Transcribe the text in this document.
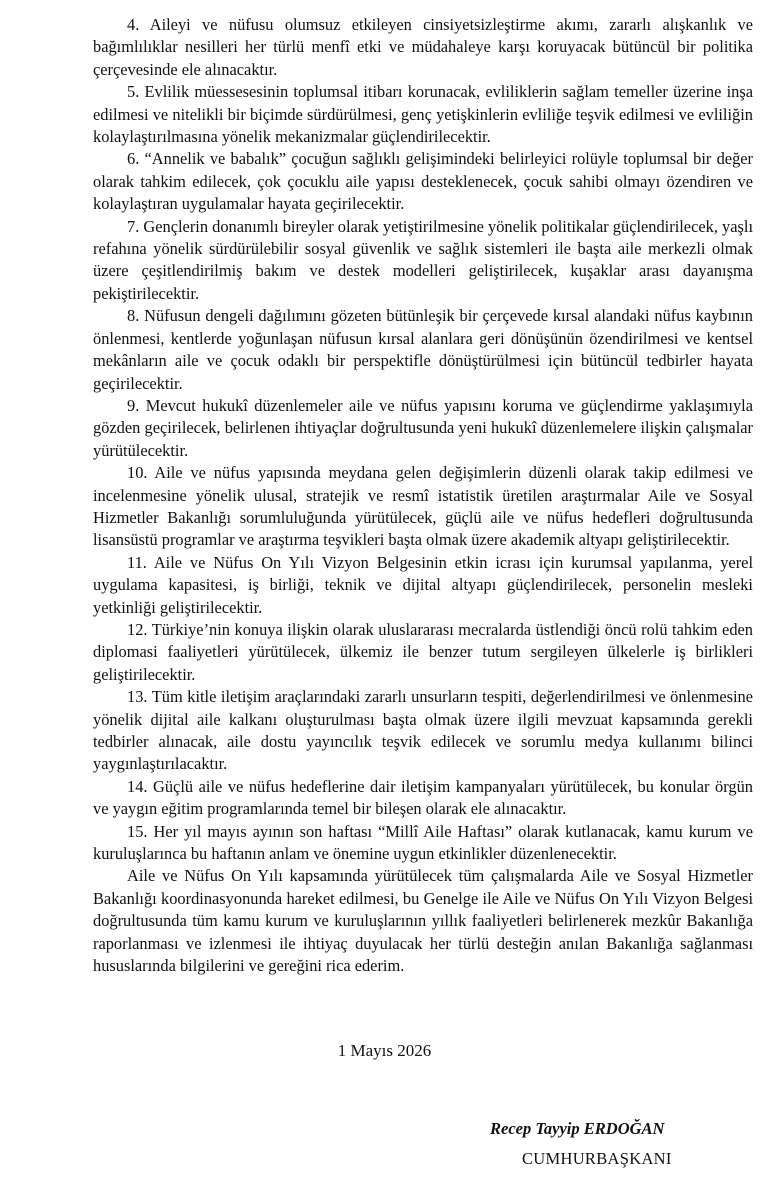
4. Aileyi ve nüfusu olumsuz etkileyen cinsiyetsizleştirme akımı, zararlı alışkanlık ve bağımlılıklar nesilleri her türlü menfî etki ve müdahaleye karşı koruyacak bütüncül bir politika çerçevesinde ele alınacaktır.

5. Evlilik müessesesinin toplumsal itibarı korunacak, evliliklerin sağlam temeller üzerine inşa edilmesi ve nitelikli bir biçimde sürdürülmesi, genç yetişkinlerin evliliğe teşvik edilmesi ve evliliğin kolaylaştırılmasına yönelik mekanizmalar güçlendirilecektir.

6. “Annelik ve babalık” çocuğun sağlıklı gelişimindeki belirleyici rolüyle toplumsal bir değer olarak tahkim edilecek, çok çocuklu aile yapısı desteklenecek, çocuk sahibi olmayı özendiren ve kolaylaştıran uygulamalar hayata geçirilecektir.

7. Gençlerin donanımlı bireyler olarak yetiştirilmesine yönelik politikalar güçlendirilecek, yaşlı refahına yönelik sürdürülebilir sosyal güvenlik ve sağlık sistemleri ile başta aile merkezli olmak üzere çeşitlendirilmiş bakım ve destek modelleri geliştirilecek, kuşaklar arası dayanışma pekiştirilecektir.

8. Nüfusun dengeli dağılımını gözeten bütünleşik bir çerçevede kırsal alandaki nüfus kaybının önlenmesi, kentlerde yoğunlaşan nüfusun kırsal alanlara geri dönüşünün özendirilmesi ve kentsel mekânların aile ve çocuk odaklı bir perspektifle dönüştürülmesi için bütüncül tedbirler hayata geçirilecektir.

9. Mevcut hukukî düzenlemeler aile ve nüfus yapısını koruma ve güçlendirme yaklaşımıyla gözden geçirilecek, belirlenen ihtiyaçlar doğrultusunda yeni hukukî düzenlemelere ilişkin çalışmalar yürütülecektir.

10. Aile ve nüfus yapısında meydana gelen değişimlerin düzenli olarak takip edilmesi ve incelenmesine yönelik ulusal, stratejik ve resmî istatistik üretilen araştırmalar Aile ve Sosyal Hizmetler Bakanlığı sorumluluğunda yürütülecek, güçlü aile ve nüfus hedefleri doğrultusunda lisansüstü programlar ve araştırma teşvikleri başta olmak üzere akademik altyapı geliştirilecektir.

11. Aile ve Nüfus On Yılı Vizyon Belgesinin etkin icrası için kurumsal yapılanma, yerel uygulama kapasitesi, iş birliği, teknik ve dijital altyapı güçlendirilecek, personelin mesleki yetkinliği geliştirilecektir.

12. Türkiye’nin konuya ilişkin olarak uluslararası mecralarda üstlendiği öncü rolü tahkim eden diplomasi faaliyetleri yürütülecek, ülkemiz ile benzer tutum sergileyen ülkelerle iş birlikleri geliştirilecektir.

13. Tüm kitle iletişim araçlarındaki zararlı unsurların tespiti, değerlendirilmesi ve önlenmesine yönelik dijital aile kalkanı oluşturulması başta olmak üzere ilgili mevzuat kapsamında gerekli tedbirler alınacak, aile dostu yayıncılık teşvik edilecek ve sorumlu medya kullanımı bilinci yaygınlaştırılacaktır.

14. Güçlü aile ve nüfus hedeflerine dair iletişim kampanyaları yürütülecek, bu konular örgün ve yaygın eğitim programlarında temel bir bileşen olarak ele alınacaktır.

15. Her yıl mayıs ayının son haftası “Millî Aile Haftası” olarak kutlanacak, kamu kurum ve kuruluşlarınca bu haftanın anlam ve önemine uygun etkinlikler düzenlenecektir.

Aile ve Nüfus On Yılı kapsamında yürütülecek tüm çalışmalarda Aile ve Sosyal Hizmetler Bakanlığı koordinasyonunda hareket edilmesi, bu Genelge ile Aile ve Nüfus On Yılı Vizyon Belgesi doğrultusunda tüm kamu kurum ve kuruluşlarının yıllık faaliyetleri belirlenerek mezkûr Bakanlığa raporlanması ve izlenmesi ile ihtiyaç duyulacak her türlü desteğin anılan Bakanlığa sağlanması hususlarında bilgilerini ve gereğini rica ederim.

1 Mayıs 2026
Recep Tayyip ERDOĞAN
CUMHURBAŞKANI
